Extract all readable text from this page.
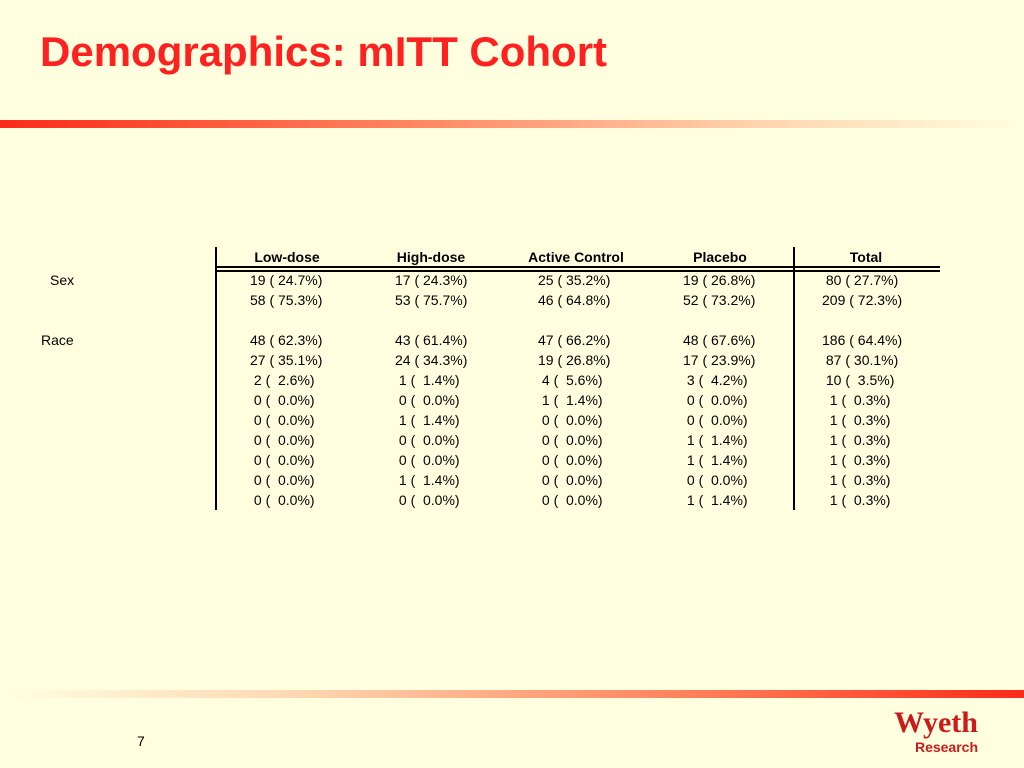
Demographics: mITT Cohort
Low-dose	High-dose	Active Control	Placebo	Total
Sex	19 ( 24.7%)	17 ( 24.3%)	25 ( 35.2%)	19 ( 26.8%)	80 ( 27.7%)
58 ( 75.3%)	53 ( 75.7%)	46 ( 64.8%)	52 ( 73.2%)	209 ( 72.3%)
Race	48 ( 62.3%)	43 ( 61.4%)	47 ( 66.2%)	48 ( 67.6%)	186 ( 64.4%)
27 ( 35.1%)	24 ( 34.3%)	19 ( 26.8%)	17 ( 23.9%)	87 ( 30.1%)
2 (  2.6%)	1 (  1.4%)	4 (  5.6%)	3 (  4.2%)	10 (  3.5%)
0 (  0.0%)	0 (  0.0%)	1 (  1.4%)	0 (  0.0%)	1 (  0.3%)
0 (  0.0%)	1 (  1.4%)	0 (  0.0%)	0 (  0.0%)	1 (  0.3%)
0 (  0.0%)	0 (  0.0%)	0 (  0.0%)	1 (  1.4%)	1 (  0.3%)
0 (  0.0%)	0 (  0.0%)	0 (  0.0%)	1 (  1.4%)	1 (  0.3%)
0 (  0.0%)	1 (  1.4%)	0 (  0.0%)	0 (  0.0%)	1 (  0.3%)
0 (  0.0%)	0 (  0.0%)	0 (  0.0%)	1 (  1.4%)	1 (  0.3%)
7
Wyeth
Research
